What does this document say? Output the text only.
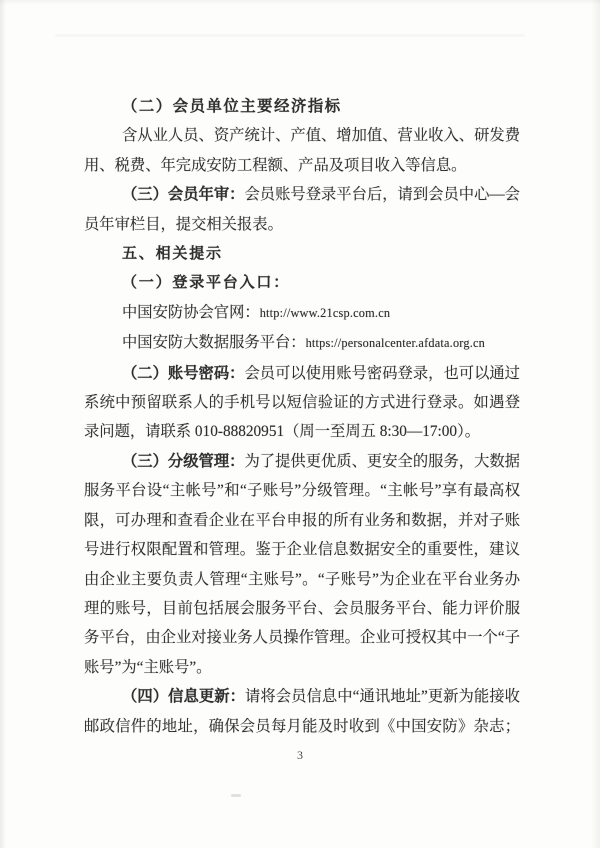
（二）会员单位主要经济指标
含从业人员、资产统计、产值、增加值、营业收入、研发费
用、税费、年完成安防工程额、产品及项目收入等信息。
（三）会员年审：会员账号登录平台后，请到会员中心—会
员年审栏目，提交相关报表。
五、相关提示
（一）登录平台入口：
中国安防协会官网：http://www.21csp.com.cn
中国安防大数据服务平台：https://personalcenter.afdata.org.cn
（二）账号密码：会员可以使用账号密码登录，也可以通过
系统中预留联系人的手机号以短信验证的方式进行登录。如遇登
录问题，请联系 010-88820951（周一至周五 8:30—17:00）。
（三）分级管理：为了提供更优质、更安全的服务，大数据
服务平台设“主帐号”和“子账号”分级管理。“主帐号”享有最高权
限，可办理和查看企业在平台申报的所有业务和数据，并对子账
号进行权限配置和管理。鉴于企业信息数据安全的重要性，建议
由企业主要负责人管理“主账号”。“子账号”为企业在平台业务办
理的账号，目前包括展会服务平台、会员服务平台、能力评价服
务平台，由企业对接业务人员操作管理。企业可授权其中一个“子
账号”为“主账号”。
（四）信息更新：请将会员信息中“通讯地址”更新为能接收
邮政信件的地址，确保会员每月能及时收到《中国安防》杂志；
3
